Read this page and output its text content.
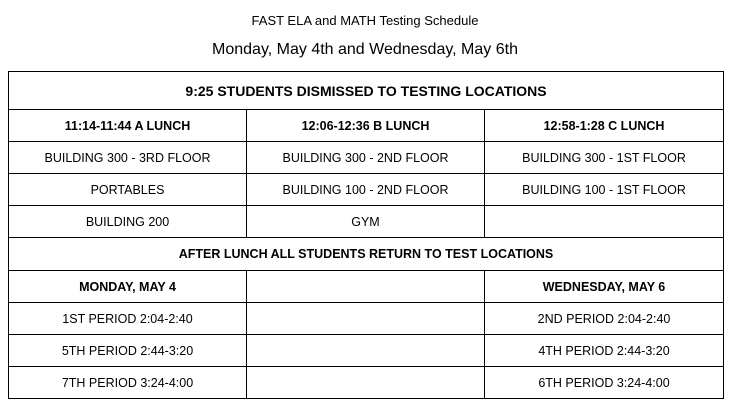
FAST ELA and MATH Testing Schedule
Monday, May 4th and Wednesday, May 6th
9:25 STUDENTS DISMISSED TO TESTING LOCATIONS		
11:14-11:44 A LUNCH	12:06-12:36 B LUNCH	12:58-1:28 C LUNCH
BUILDING 300 - 3RD FLOOR	BUILDING 300 - 2ND FLOOR	BUILDING 300 - 1ST FLOOR
PORTABLES	BUILDING 100 - 2ND FLOOR	BUILDING 100 - 1ST FLOOR
BUILDING 200	GYM	
AFTER LUNCH ALL STUDENTS RETURN TO TEST LOCATIONS		
MONDAY, MAY 4		WEDNESDAY, MAY 6
1ST PERIOD 2:04-2:40		2ND PERIOD 2:04-2:40
5TH PERIOD 2:44-3:20		4TH PERIOD 2:44-3:20
7TH PERIOD 3:24-4:00		6TH PERIOD 3:24-4:00
